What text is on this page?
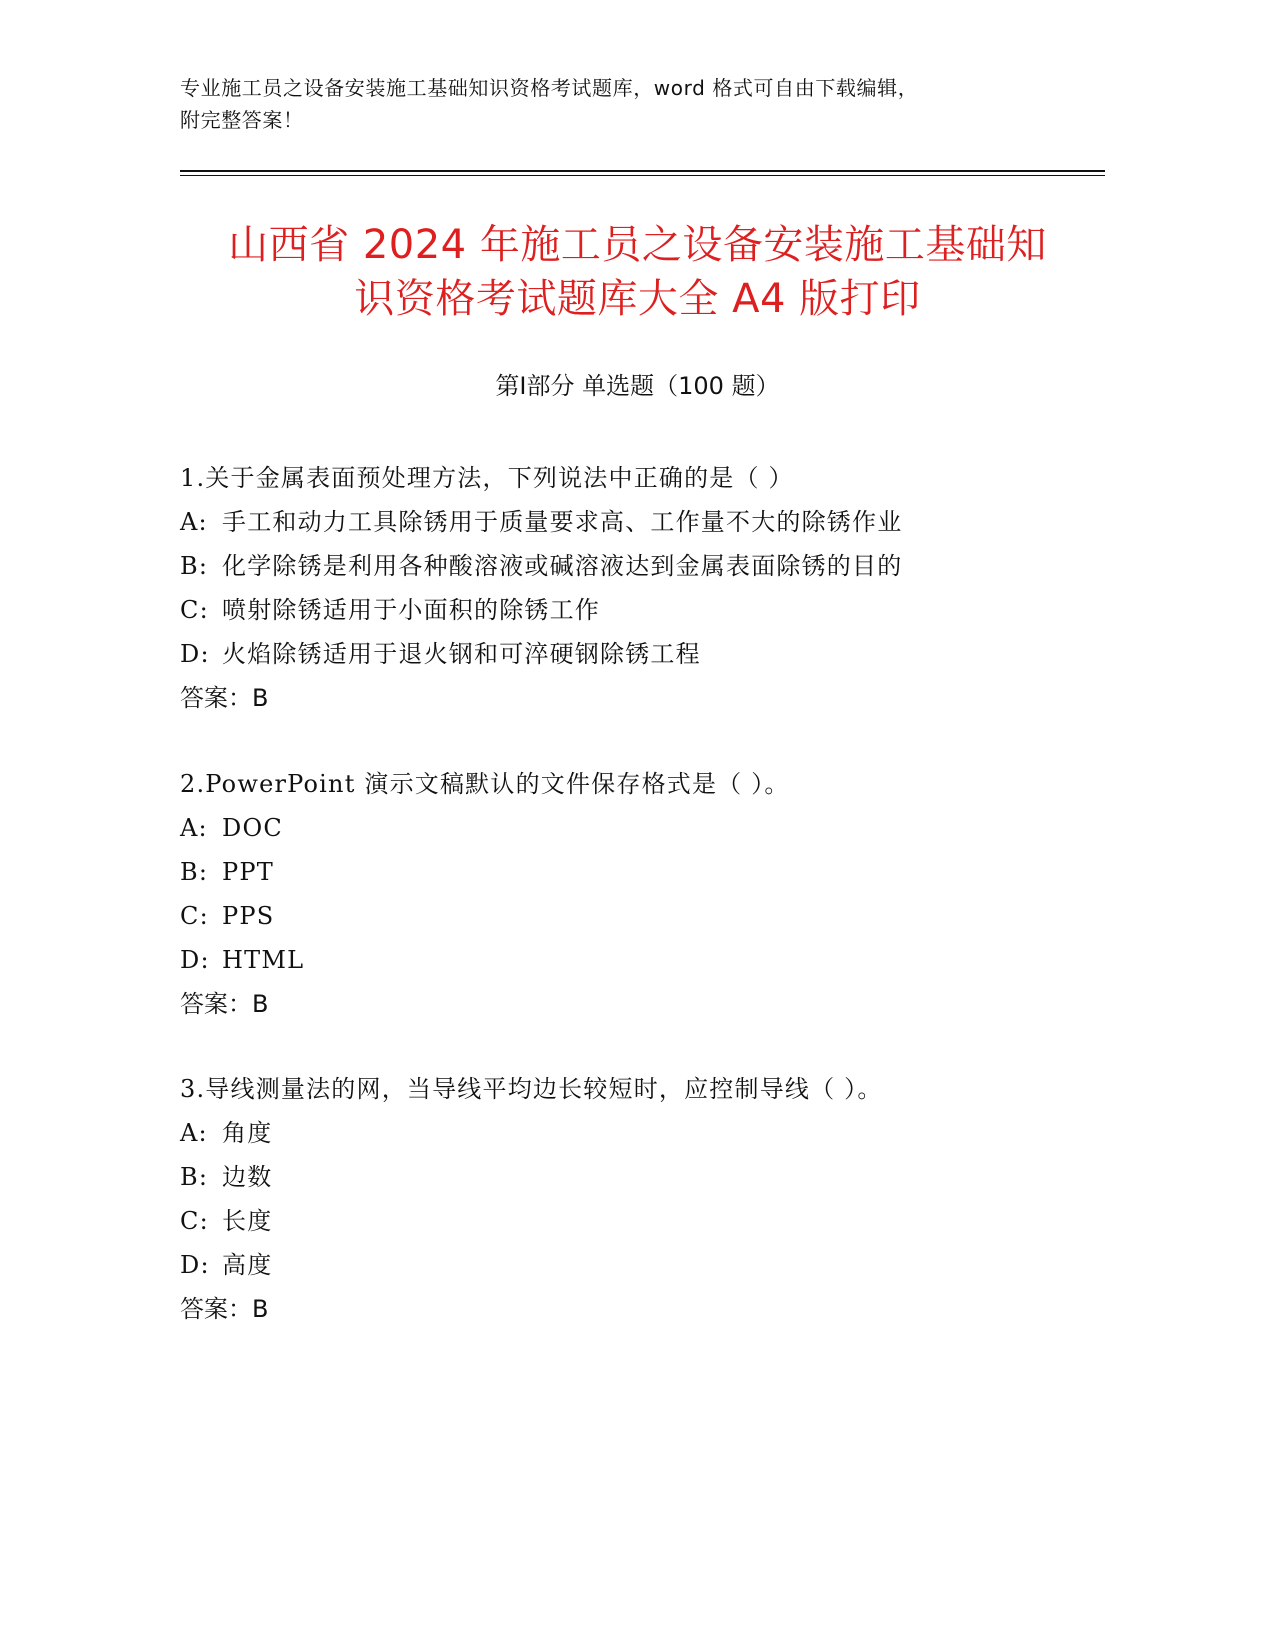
专业施工员之设备安装施工基础知识资格考试题库，word 格式可自由下载编辑，
附完整答案！
山西省 2024 年施工员之设备安装施工基础知
识资格考试题库大全 A4 版打印
第Ⅰ部分 单选题（100 题）
1.关于金属表面预处理方法，下列说法中正确的是（ ）
A: 手工和动力工具除锈用于质量要求高、工作量不大的除锈作业
B: 化学除锈是利用各种酸溶液或碱溶液达到金属表面除锈的目的
C: 喷射除锈适用于小面积的除锈工作
D: 火焰除锈适用于退火钢和可淬硬钢除锈工程
答案：B
2.PowerPoint 演示文稿默认的文件保存格式是（ ）。
A: DOC
B: PPT
C: PPS
D: HTML
答案：B
3.导线测量法的网，当导线平均边长较短时，应控制导线（ ）。
A: 角度
B: 边数
C: 长度
D: 高度
答案：B
